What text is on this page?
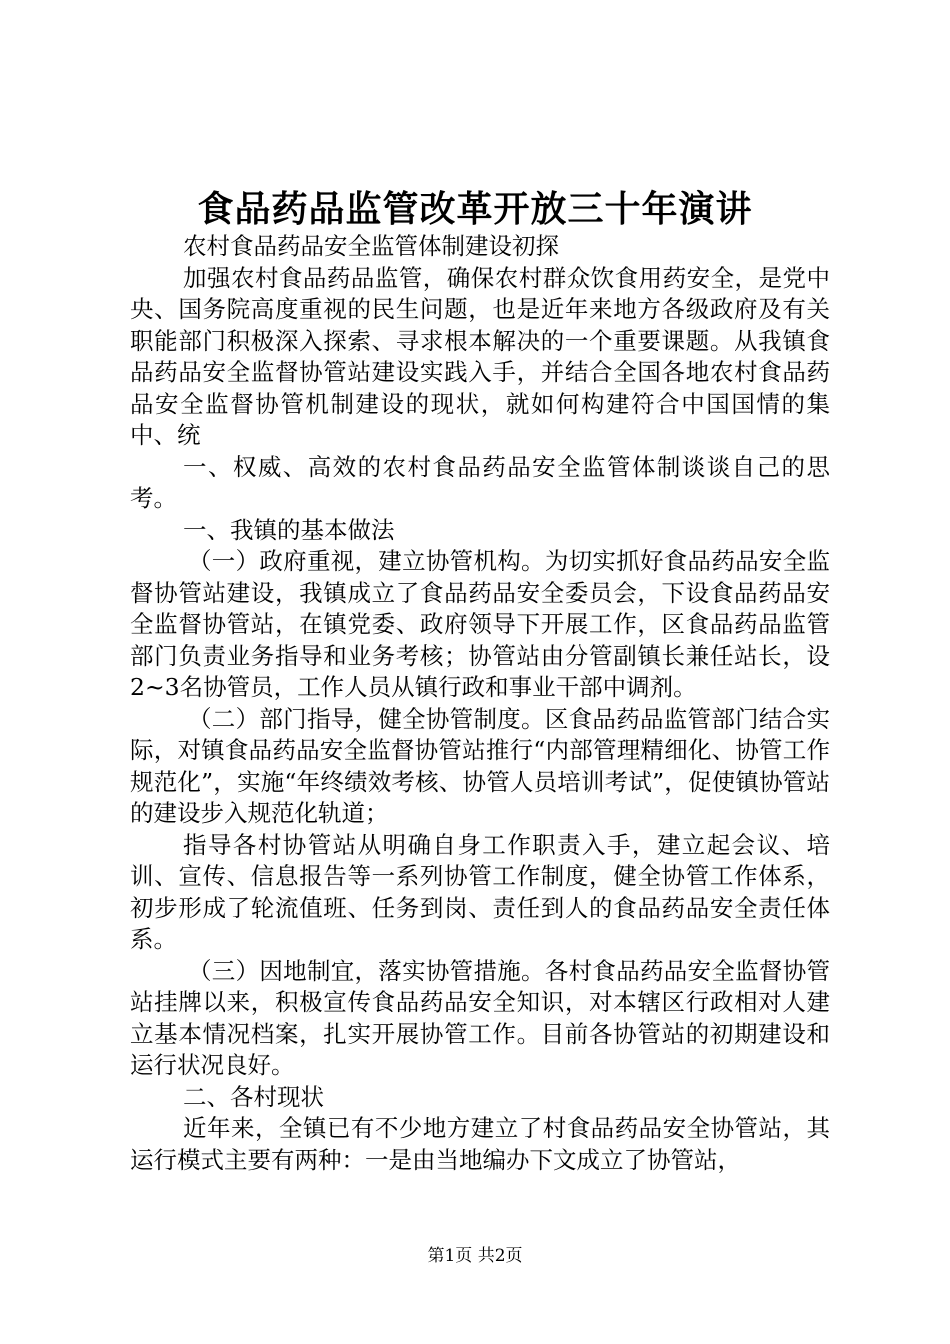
食品药品监管改革开放三十年演讲

农村食品药品安全监管体制建设初探

加强农村食品药品监管，确保农村群众饮食用药安全，是党中央、国务院高度重视的民生问题，也是近年来地方各级政府及有关职能部门积极深入探索、寻求根本解决的一个重要课题。从我镇食品药品安全监督协管站建设实践入手，并结合全国各地农村食品药品安全监督协管机制建设的现状，就如何构建符合中国国情的集中、统

一、权威、高效的农村食品药品安全监管体制谈谈自己的思考。

一、我镇的基本做法

（一）政府重视，建立协管机构。为切实抓好食品药品安全监督协管站建设，我镇成立了食品药品安全委员会，下设食品药品安全监督协管站，在镇党委、政府领导下开展工作，区食品药品监管部门负责业务指导和业务考核；协管站由分管副镇长兼任站长，设2~3名协管员，工作人员从镇行政和事业干部中调剂。

（二）部门指导，健全协管制度。区食品药品监管部门结合实际，对镇食品药品安全监督协管站推行“内部管理精细化、协管工作规范化”，实施“年终绩效考核、协管人员培训考试”，促使镇协管站的建设步入规范化轨道；

指导各村协管站从明确自身工作职责入手，建立起会议、培训、宣传、信息报告等一系列协管工作制度，健全协管工作体系，初步形成了轮流值班、任务到岗、责任到人的食品药品安全责任体系。

（三）因地制宜，落实协管措施。各村食品药品安全监督协管站挂牌以来，积极宣传食品药品安全知识，对本辖区行政相对人建立基本情况档案，扎实开展协管工作。目前各协管站的初期建设和运行状况良好。

二、各村现状

近年来，全镇已有不少地方建立了村食品药品安全协管站，其运行模式主要有两种：一是由当地编办下文成立了协管站，

第1页 共2页
